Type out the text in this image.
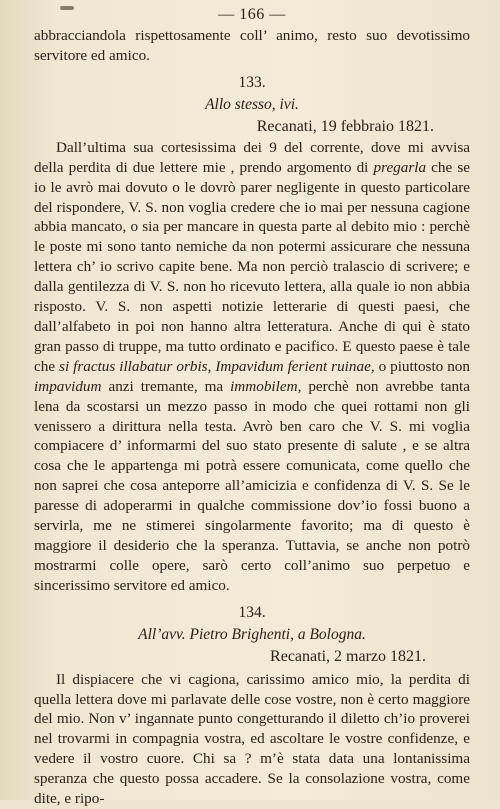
— 166 —
abbracciandola rispettosamente coll’ animo, resto suo devotissimo servitore ed amico.
133.
Allo stesso, ivi.
Recanati, 19 febbraio 1821.
Dall’ultima sua cortesissima dei 9 del corrente, dove mi avvisa della perdita di due lettere mie , prendo argomento di pregarla che se io le avrò mai dovuto o le dovrò parer negligente in questo particolare del rispondere, V. S. non voglia credere che io mai per nessuna cagione abbia mancato, o sia per mancare in questa parte al debito mio : perchè le poste mi sono tanto nemiche da non potermi assicurare che nessuna lettera ch’ io scrivo capite bene. Ma non perciò tralascio di scrivere; e dalla gentilezza di V. S. non ho ricevuto lettera, alla quale io non abbia risposto. V. S. non aspetti notizie letterarie di questi paesi, che dall’alfabeto in poi non hanno altra letteratura. Anche di qui è stato gran passo di truppe, ma tutto ordinato e pacifico. E questo paese è tale che si fractus illabatur orbis, Impavidum ferient ruinae, o piuttosto non impavidum anzi tremante, ma immobilem, perchè non avrebbe tanta lena da scostarsi un mezzo passo in modo che quei rottami non gli venissero a dirittura nella testa. Avrò ben caro che V. S. mi voglia compiacere d’ informarmi del suo stato presente di salute , e se altra cosa che le appartenga mi potrà essere comunicata, come quello che non saprei che cosa anteporre all’amicizia e confidenza di V. S. Se le paresse di adoperarmi in qualche commissione dov’io fossi buono a servirla, me ne stimerei singolarmente favorito; ma di questo è maggiore il desiderio che la speranza. Tuttavia, se anche non potrò mostrarmi colle opere, sarò certo coll’animo suo perpetuo e sincerissimo servitore ed amico.
134.
All’avv. Pietro Brighenti, a Bologna.
Recanati, 2 marzo 1821.
Il dispiacere che vi cagiona, carissimo amico mio, la perdita di quella lettera dove mi parlavate delle cose vostre, non è certo maggiore del mio. Non v’ ingannate punto congetturando il diletto ch’io proverei nel trovarmi in compagnia vostra, ed ascoltare le vostre confidenze, e vedere il vostro cuore. Chi sa ? m’è stata data una lontanissima speranza che questo possa accadere. Se la consolazione vostra, come dite, e ripo-
